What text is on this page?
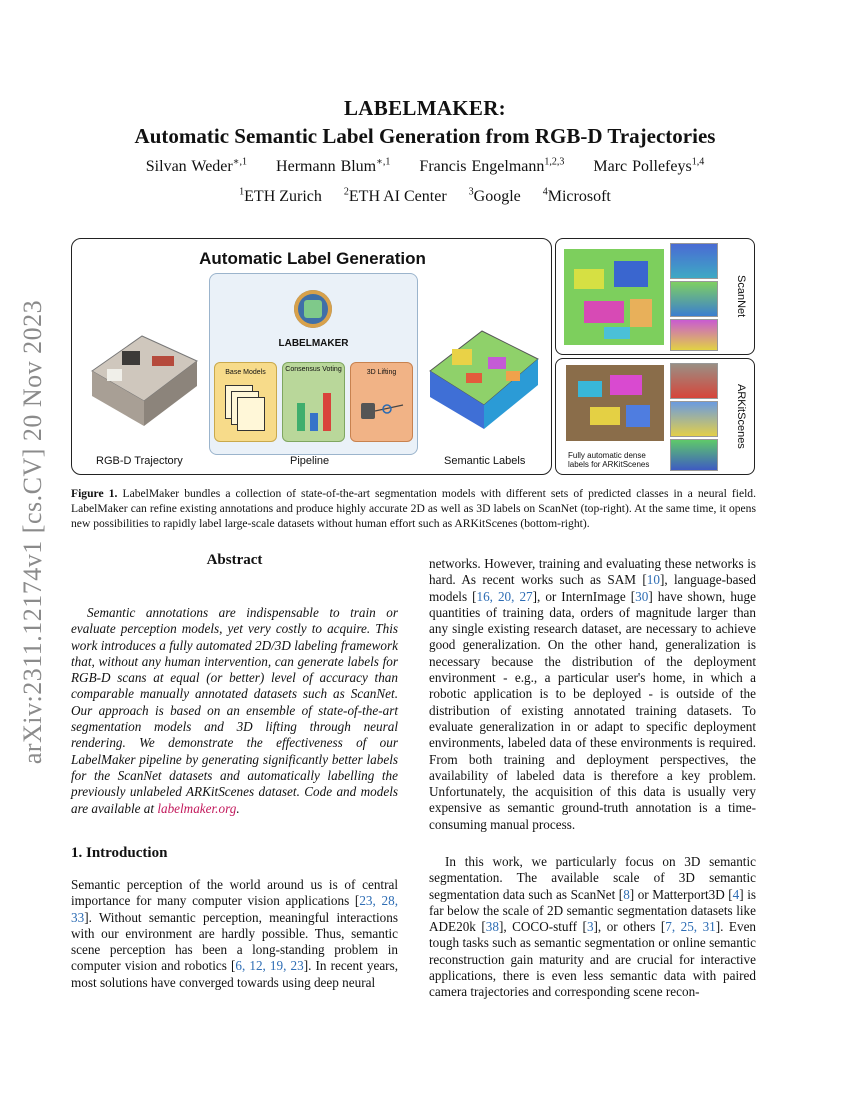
arXiv:2311.12174v1 [cs.CV] 20 Nov 2023
LABELMAKER:
Automatic Semantic Label Generation from RGB-D Trajectories
Silvan Weder$^{∗,1}$ Hermann Blum$^{∗,1}$ Francis Engelmann$^{1,2,3}$ Marc Pollefeys$^{1,4}$
$^1$ETH Zurich $^2$ETH AI Center $^3$Google $^4$Microsoft
Automatic Label Generation
LABELMAKER
Base Models	Consensus Voting	3D Lifting
RGB-D Trajectory	Pipeline	Semantic Labels
ScanNet
Fully automatic dense labels for ARKitScenes
ARKitScenes
Figure 1. LabelMaker bundles a collection of state-of-the-art segmentation models with different sets of predicted classes in a neural field. LabelMaker can refine existing annotations and produce highly accurate 2D as well as 3D labels on ScanNet (top-right). At the same time, it opens new possibilities to rapidly label large-scale datasets without human effort such as ARKitScenes (bottom-right).
Abstract
Semantic annotations are indispensable to train or evaluate perception models, yet very costly to acquire. This work introduces a fully automated 2D/3D labeling framework that, without any human intervention, can generate labels for RGB-D scans at equal (or better) level of accuracy than comparable manually annotated datasets such as ScanNet. Our approach is based on an ensemble of state-of-the-art segmentation models and 3D lifting through neural rendering. We demonstrate the effectiveness of our LabelMaker pipeline by generating significantly better labels for the ScanNet datasets and automatically labelling the previously unlabeled ARKitScenes dataset. Code and models are available at labelmaker.org.
1. Introduction
Semantic perception of the world around us is of central importance for many computer vision applications [23, 28, 33]. Without semantic perception, meaningful interactions with our environment are hardly possible. Thus, semantic scene perception has been a long-standing problem in computer vision and robotics [6, 12, 19, 23]. In recent years, most solutions have converged towards using deep neural
networks. However, training and evaluating these networks is hard. As recent works such as SAM [10], language-based models [16, 20, 27], or InternImage [30] have shown, huge quantities of training data, orders of magnitude larger than any single existing research dataset, are necessary to achieve good generalization. On the other hand, generalization is necessary because the distribution of the deployment environment - e.g., a particular user's home, in which a robotic application is to be deployed - is outside of the distribution of existing annotated training datasets. To evaluate generalization in or adapt to specific deployment environments, labeled data of these environments is required. From both training and deployment perspectives, the availability of labeled data is therefore a key problem. Unfortunately, the acquisition of this data is usually very expensive as semantic ground-truth annotation is a time-consuming manual process.
In this work, we particularly focus on 3D semantic segmentation. The available scale of 3D semantic segmentation data such as ScanNet [8] or Matterport3D [4] is far below the scale of 2D semantic segmentation datasets like ADE20k [38], COCO-stuff [3], or others [7, 25, 31]. Even tough tasks such as semantic segmentation or online semantic reconstruction gain maturity and are crucial for interactive applications, there is even less semantic data with paired camera trajectories and corresponding scene recon-
